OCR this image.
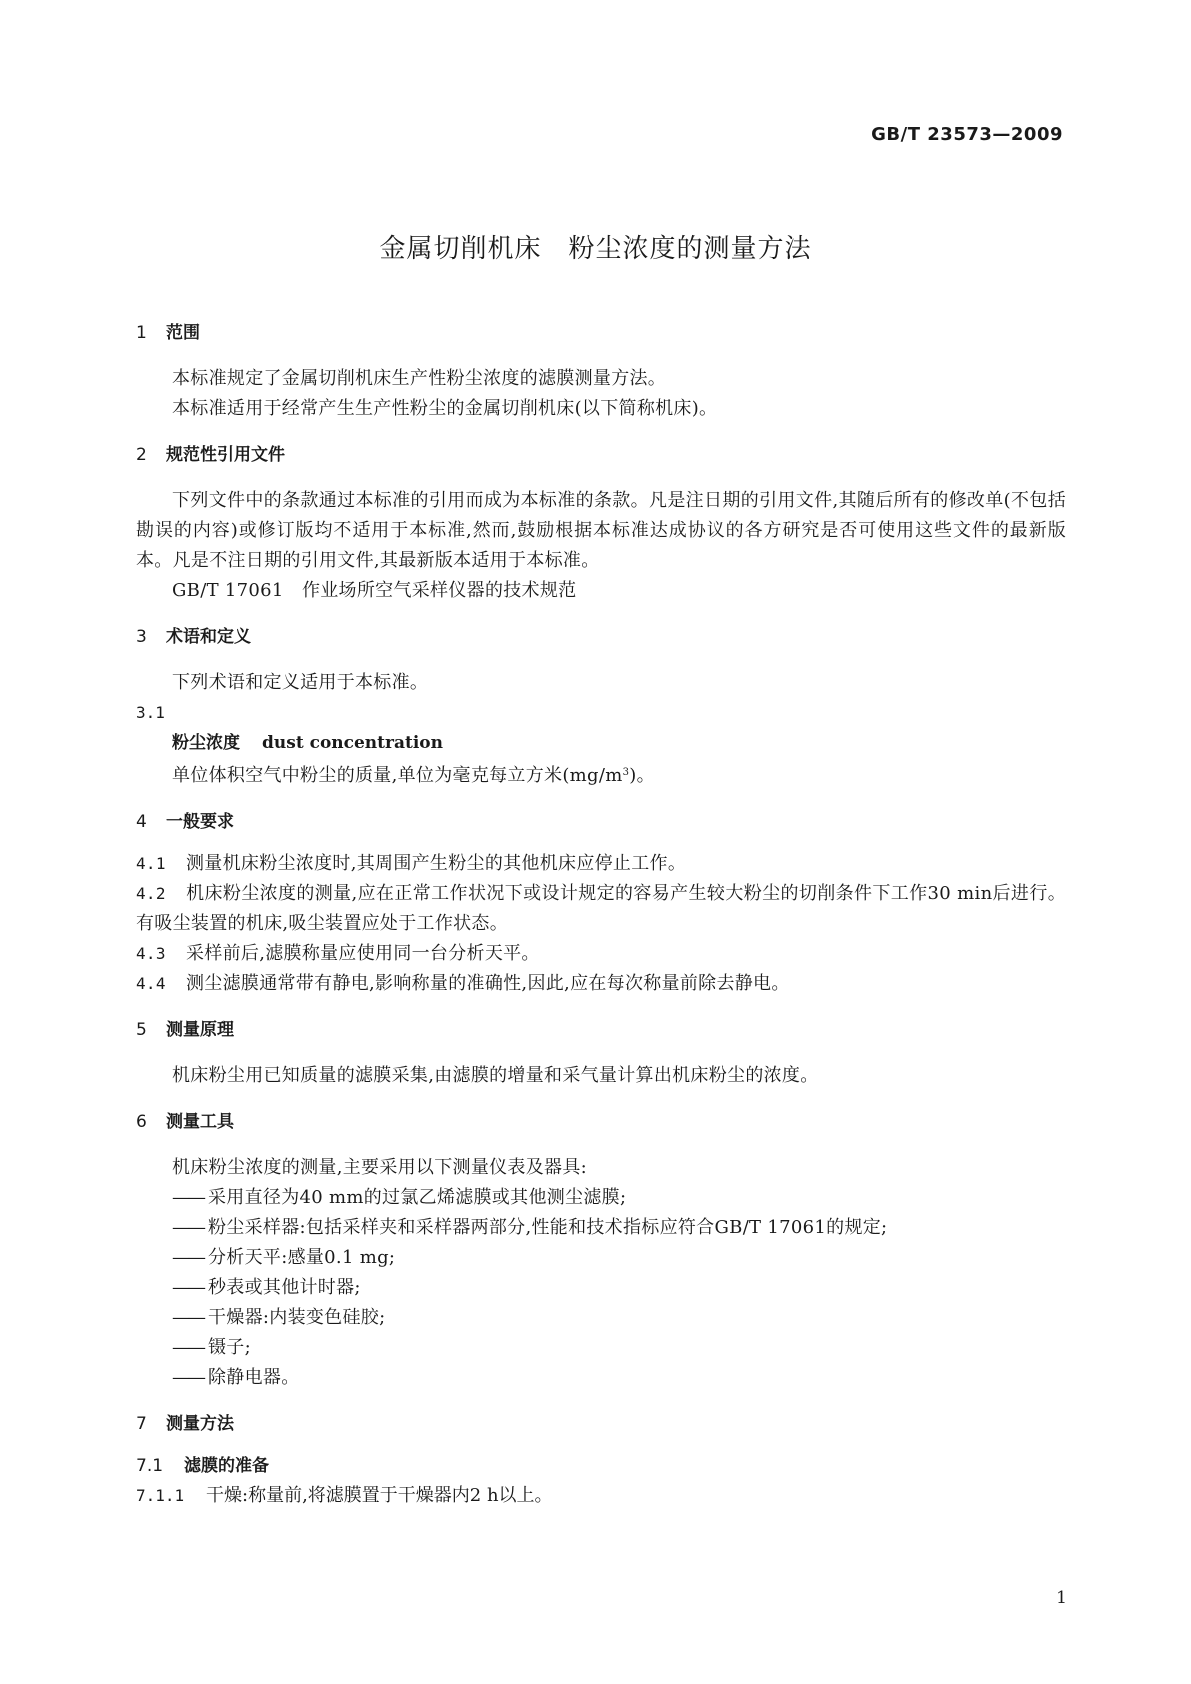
GB/T 23573—2009
金属切削机床　粉尘浓度的测量方法

1 范围

本标准规定了金属切削机床生产性粉尘浓度的滤膜测量方法。

本标准适用于经常产生生产性粉尘的金属切削机床(以下简称机床)。

2 规范性引用文件

下列文件中的条款通过本标准的引用而成为本标准的条款。凡是注日期的引用文件,其随后所有的修改单(不包括勘误的内容)或修订版均不适用于本标准,然而,鼓励根据本标准达成协议的各方研究是否可使用这些文件的最新版本。凡是不注日期的引用文件,其最新版本适用于本标准。

GB/T 17061　作业场所空气采样仪器的技术规范

3 术语和定义

下列术语和定义适用于本标准。

3.1

粉尘浓度 dust concentration

单位体积空气中粉尘的质量,单位为毫克每立方米$(mg/m^3)$。

4 一般要求

4.1 测量机床粉尘浓度时,其周围产生粉尘的其他机床应停止工作。

4.2 机床粉尘浓度的测量,应在正常工作状况下或设计规定的容易产生较大粉尘的切削条件下工作30 min后进行。有吸尘装置的机床,吸尘装置应处于工作状态。

4.3 采样前后,滤膜称量应使用同一台分析天平。

4.4 测尘滤膜通常带有静电,影响称量的准确性,因此,应在每次称量前除去静电。

5 测量原理

机床粉尘用已知质量的滤膜采集,由滤膜的增量和采气量计算出机床粉尘的浓度。

6 测量工具

机床粉尘浓度的测量,主要采用以下测量仪表及器具:

—— 采用直径为40 mm的过氯乙烯滤膜或其他测尘滤膜;

—— 粉尘采样器:包括采样夹和采样器两部分,性能和技术指标应符合GB/T 17061的规定;

—— 分析天平:感量0.1 mg;

—— 秒表或其他计时器;

—— 干燥器:内装变色硅胶;

—— 镊子;

—— 除静电器。

7 测量方法

7.1 滤膜的准备

7.1.1 干燥:称量前,将滤膜置于干燥器内2 h以上。

1
